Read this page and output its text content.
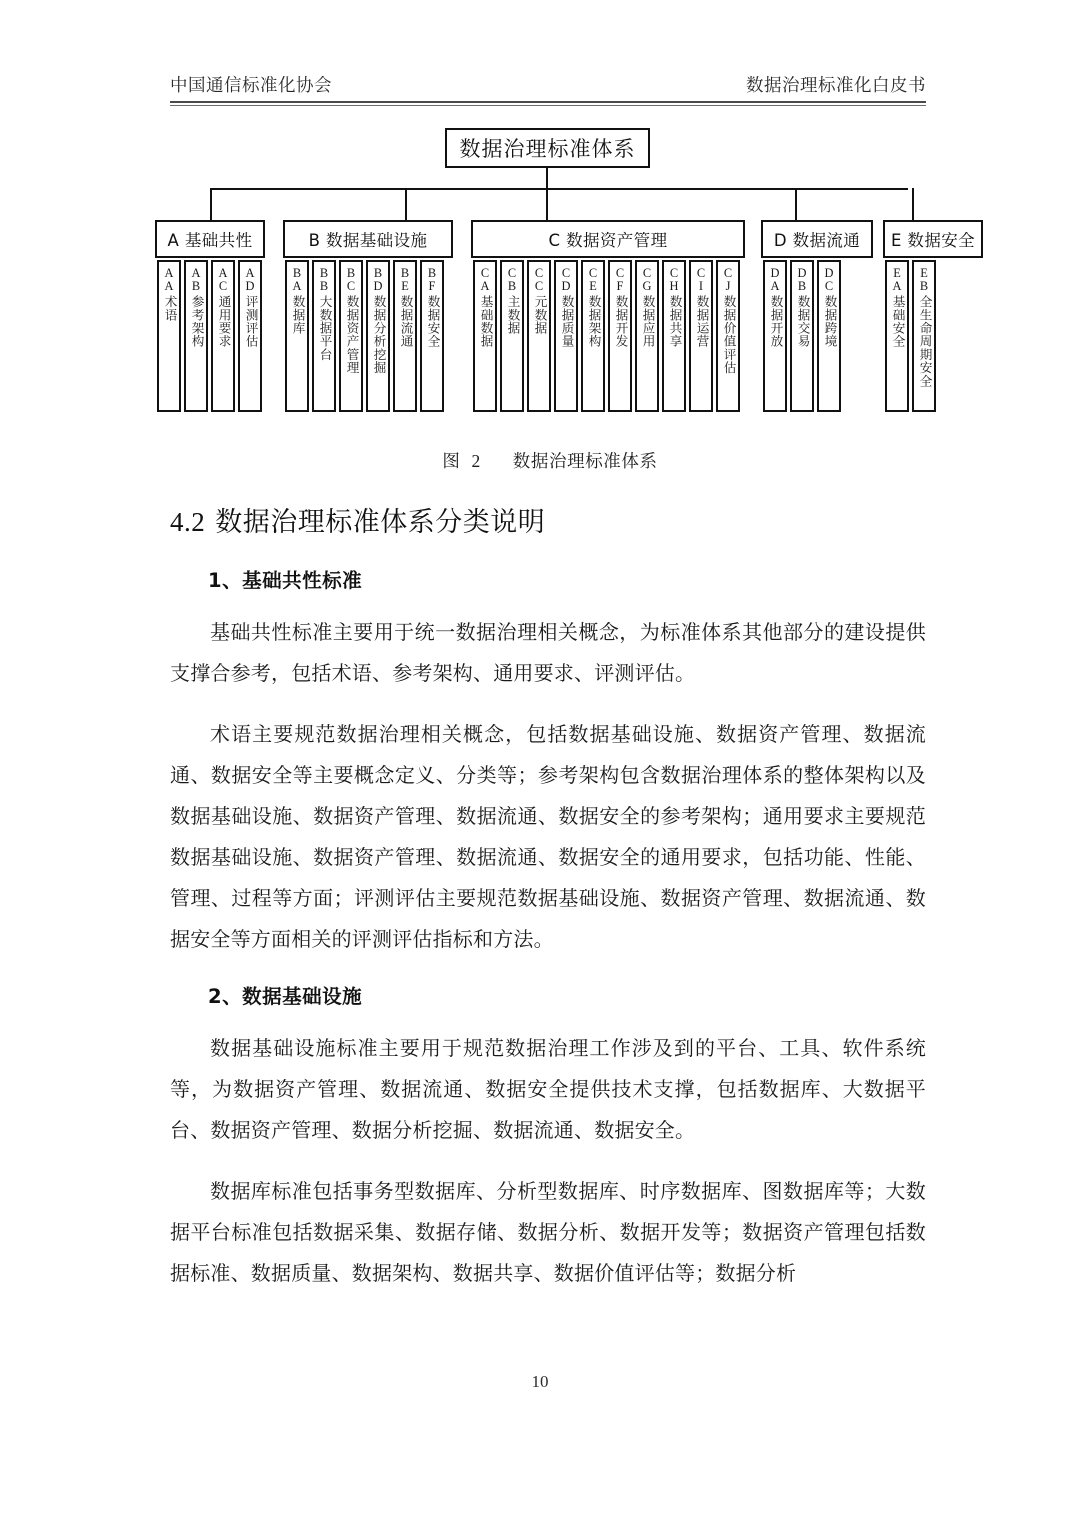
中国通信标准化协会	数据治理标准化白皮书
数据治理标准体系
A 基础共性	B 数据基础设施	C 数据资产管理	D 数据流通	E 数据安全
A
A
术语
A
B
参考架构
A
C
通用要求
A
D
评测评估
B
A
数据库
B
B
大数据平台
B
C
数据资产管理
B
D
数据分析挖掘
B
E
数据流通
B
F
数据安全
C
A
基础数据
C
B
主数据
C
C
元数据
C
D
数据质量
C
E
数据架构
C
F
数据开发
C
G
数据应用
C
H
数据共享
C
I
数据运营
C
J
数据价值评估
D
A
数据开放
D
B
数据交易
D
C
数据跨境
E
A
基础安全
E
B
全生命周期安全
图 2 数据治理标准体系
4.2 数据治理标准体系分类说明
1、基础共性标准

基础共性标准主要用于统一数据治理相关概念，为标准体系其他部分的建设提供支撑合参考，包括术语、参考架构、通用要求、评测评估。

术语主要规范数据治理相关概念，包括数据基础设施、数据资产管理、数据流通、数据安全等主要概念定义、分类等；参考架构包含数据治理体系的整体架构以及数据基础设施、数据资产管理、数据流通、数据安全的参考架构；通用要求主要规范数据基础设施、数据资产管理、数据流通、数据安全的通用要求，包括功能、性能、管理、过程等方面；评测评估主要规范数据基础设施、数据资产管理、数据流通、数据安全等方面相关的评测评估指标和方法。

2、数据基础设施

数据基础设施标准主要用于规范数据治理工作涉及到的平台、工具、软件系统等，为数据资产管理、数据流通、数据安全提供技术支撑，包括数据库、大数据平台、数据资产管理、数据分析挖掘、数据流通、数据安全。

数据库标准包括事务型数据库、分析型数据库、时序数据库、图数据库等；大数据平台标准包括数据采集、数据存储、数据分析、数据开发等；数据资产管理包括数据标准、数据质量、数据架构、数据共享、数据价值评估等；数据分析

10
